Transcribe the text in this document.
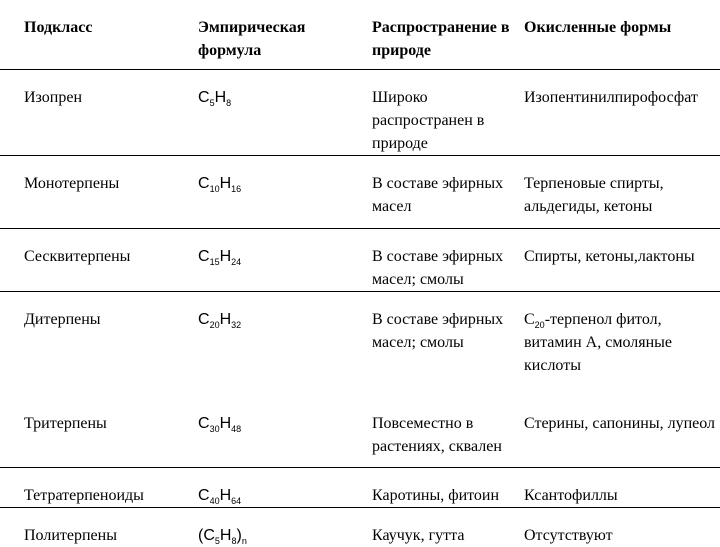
Подкласс	Эмпирическая формула	Распространение в природе	Окисленные формы
Изопрен	$C_5H_8$	Широко распространен в природе	Изопентинилпирофосфат
Монотерпены	$C_{10}H_{16}$	В составе эфирных масел	Терпеновые спирты, альдегиды, кетоны
Сесквитерпены	$C_{15}H_{24}$	В составе эфирных масел; смолы	Спирты, кетоны,лактоны
Дитерпены	$C_{20}H_{32}$	В составе эфирных масел; смолы	$C_{20}$-терпенол фитол, витамин А, смоляные кислоты
Тритерпены	$C_{30}H_{48}$	Повсеместно в растениях, сквален	Стерины, сапонины, лупеол
Тетратерпеноиды	$C_{40}H_{64}$	Каротины, фитоин	Ксантофиллы
Политерпены	$(C_5H_8)_n$	Каучук, гутта	Отсутствуют
